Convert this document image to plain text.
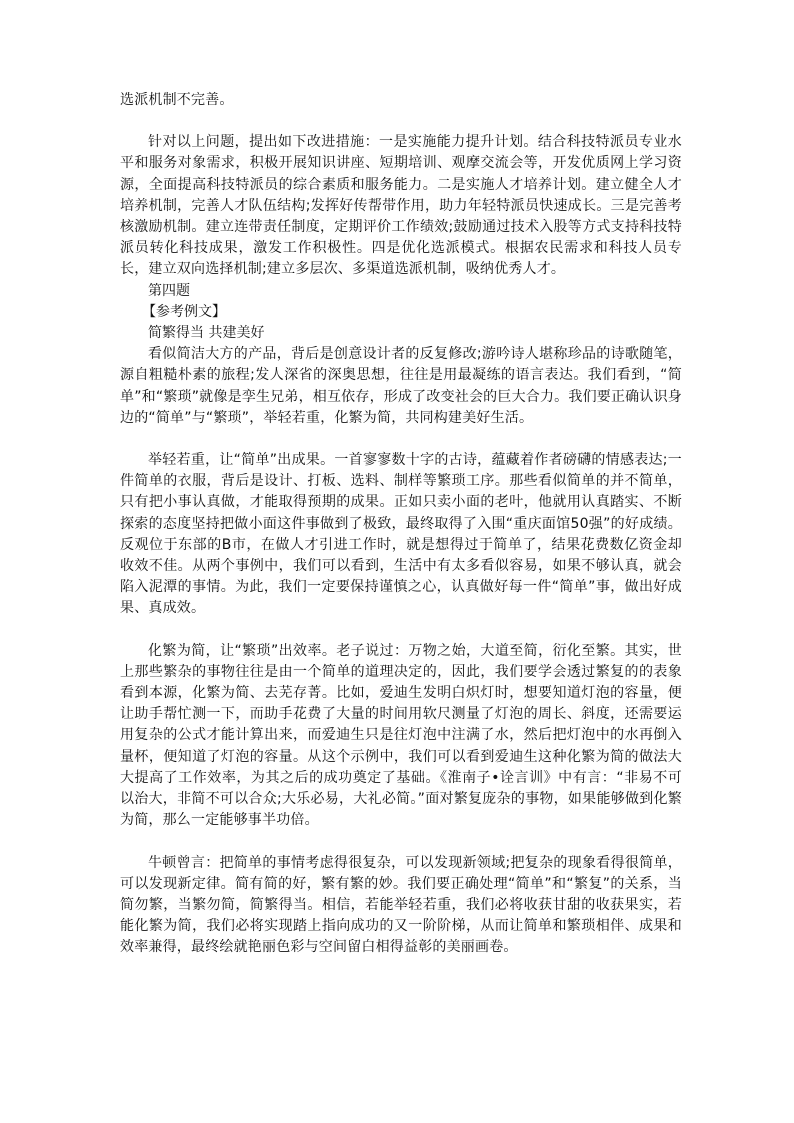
选派机制不完善。

针对以上问题，提出如下改进措施：一是实施能力提升计划。结合科技特派员专业水平和服务对象需求，积极开展知识讲座、短期培训、观摩交流会等，开发优质网上学习资源，全面提高科技特派员的综合素质和服务能力。二是实施人才培养计划。建立健全人才培养机制，完善人才队伍结构;发挥好传帮带作用，助力年轻特派员快速成长。三是完善考核激励机制。建立连带责任制度，定期评价工作绩效;鼓励通过技术入股等方式支持科技特派员转化科技成果，激发工作积极性。四是优化选派模式。根据农民需求和科技人员专长，建立双向选择机制;建立多层次、多渠道选派机制，吸纳优秀人才。

第四题

【参考例文】

简繁得当 共建美好

看似简洁大方的产品，背后是创意设计者的反复修改;游吟诗人堪称珍品的诗歌随笔，源自粗糙朴素的旅程;发人深省的深奥思想，往往是用最凝练的语言表达。我们看到，“简单”和“繁琐”就像是孪生兄弟，相互依存，形成了改变社会的巨大合力。我们要正确认识身边的“简单”与“繁琐”，举轻若重，化繁为简，共同构建美好生活。

举轻若重，让“简单”出成果。一首寥寥数十字的古诗，蕴藏着作者磅礴的情感表达;一件简单的衣服，背后是设计、打板、选料、制样等繁琐工序。那些看似简单的并不简单，只有把小事认真做，才能取得预期的成果。正如只卖小面的老叶，他就用认真踏实、不断探索的态度坚持把做小面这件事做到了极致，最终取得了入围“重庆面馆50强”的好成绩。反观位于东部的B市，在做人才引进工作时，就是想得过于简单了，结果花费数亿资金却收效不佳。从两个事例中，我们可以看到，生活中有太多看似容易，如果不够认真，就会陷入泥潭的事情。为此，我们一定要保持谨慎之心，认真做好每一件“简单”事，做出好成果、真成效。

化繁为简，让“繁琐”出效率。老子说过：万物之始，大道至简，衍化至繁。其实，世上那些繁杂的事物往往是由一个简单的道理决定的，因此，我们要学会透过繁复的的表象看到本源，化繁为简、去芜存菁。比如，爱迪生发明白炽灯时，想要知道灯泡的容量，便让助手帮忙测一下，而助手花费了大量的时间用软尺测量了灯泡的周长、斜度，还需要运用复杂的公式才能计算出来，而爱迪生只是往灯泡中注满了水，然后把灯泡中的水再倒入量杯，便知道了灯泡的容量。从这个示例中，我们可以看到爱迪生这种化繁为简的做法大大提高了工作效率，为其之后的成功奠定了基础。《淮南子•诠言训》中有言：“非易不可以治大，非简不可以合众;大乐必易，大礼必简。”面对繁复庞杂的事物，如果能够做到化繁为简，那么一定能够事半功倍。

牛顿曾言：把简单的事情考虑得很复杂，可以发现新领域;把复杂的现象看得很简单，可以发现新定律。简有简的好，繁有繁的妙。我们要正确处理“简单”和“繁复”的关系，当简勿繁，当繁勿简，简繁得当。相信，若能举轻若重，我们必将收获甘甜的收获果实，若能化繁为简，我们必将实现踏上指向成功的又一阶阶梯，从而让简单和繁琐相伴、成果和效率兼得，最终绘就艳丽色彩与空间留白相得益彰的美丽画卷。
